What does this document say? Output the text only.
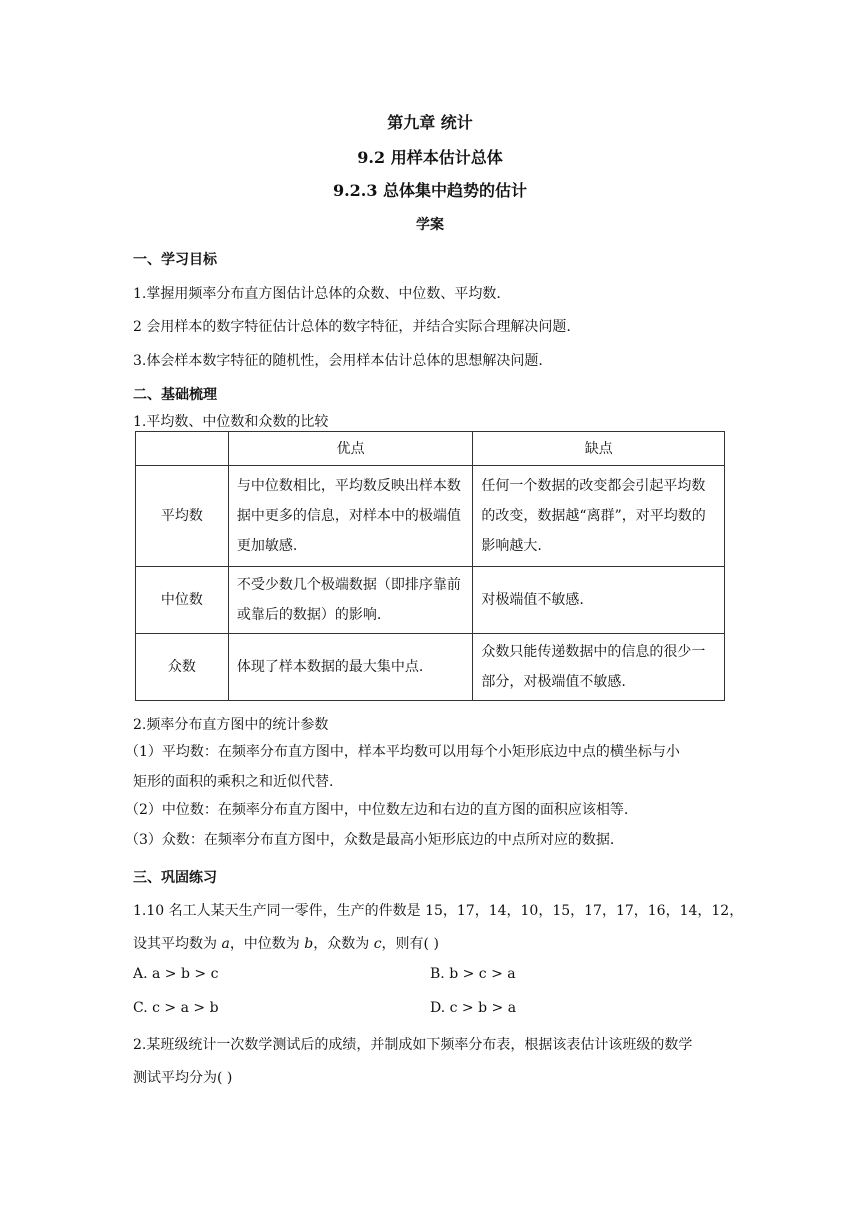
第九章 统计
9.2 用样本估计总体
9.2.3 总体集中趋势的估计
学案
一、学习目标
1.掌握用频率分布直方图估计总体的众数、中位数、平均数.
2 会用样本的数字特征估计总体的数字特征，并结合实际合理解决问题.
3.体会样本数字特征的随机性，会用样本估计总体的思想解决问题.
二、基础梳理
1.平均数、中位数和众数的比较
	优点	缺点
平均数	与中位数相比，平均数反映出样本数据中更多的信息，对样本中的极端值更加敏感.	任何一个数据的改变都会引起平均数的改变，数据越“离群”，对平均数的影响越大.
中位数	不受少数几个极端数据（即排序靠前或靠后的数据）的影响.	对极端值不敏感.
众数	体现了样本数据的最大集中点.	众数只能传递数据中的信息的很少一部分，对极端值不敏感.
2.频率分布直方图中的统计参数
（1）平均数：在频率分布直方图中，样本平均数可以用每个小矩形底边中点的横坐标与小
矩形的面积的乘积之和近似代替.
（2）中位数：在频率分布直方图中，中位数左边和右边的直方图的面积应该相等.
（3）众数：在频率分布直方图中，众数是最高小矩形底边的中点所对应的数据.
三、巩固练习
1.10 名工人某天生产同一零件，生产的件数是 15，17，14，10，15，17，17，16，14，12，
设其平均数为 a，中位数为 b，众数为 c，则有( )
A. a > b > c	B. b > c > a
C. c > a > b	D. c > b > a
2.某班级统计一次数学测试后的成绩，并制成如下频率分布表，根据该表估计该班级的数学
测试平均分为( )
